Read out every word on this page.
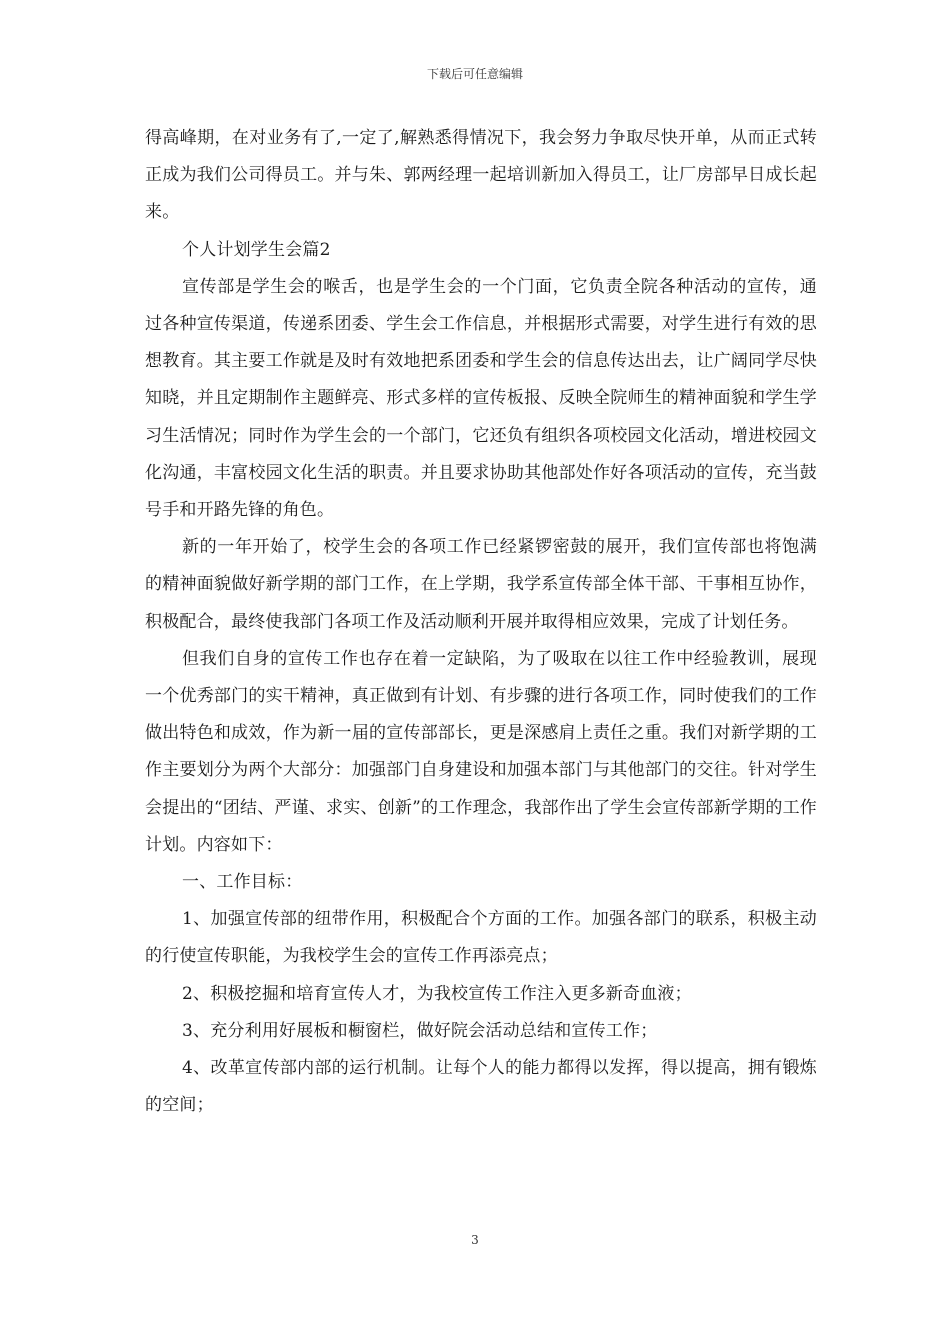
下载后可任意编辑

得高峰期，在对业务有了,一定了,解熟悉得情况下，我会努力争取尽快开单，从而正式转正成为我们公司得员工。并与朱、郭两经理一起培训新加入得员工，让厂房部早日成长起来。

个人计划学生会篇2

宣传部是学生会的喉舌，也是学生会的一个门面，它负责全院各种活动的宣传，通过各种宣传渠道，传递系团委、学生会工作信息，并根据形式需要，对学生进行有效的思想教育。其主要工作就是及时有效地把系团委和学生会的信息传达出去，让广阔同学尽快知晓，并且定期制作主题鲜亮、形式多样的宣传板报、反映全院师生的精神面貌和学生学习生活情况；同时作为学生会的一个部门，它还负有组织各项校园文化活动，增进校园文化沟通，丰富校园文化生活的职责。并且要求协助其他部处作好各项活动的宣传，充当鼓号手和开路先锋的角色。

新的一年开始了，校学生会的各项工作已经紧锣密鼓的展开，我们宣传部也将饱满的精神面貌做好新学期的部门工作，在上学期，我学系宣传部全体干部、干事相互协作，积极配合，最终使我部门各项工作及活动顺利开展并取得相应效果，完成了计划任务。

但我们自身的宣传工作也存在着一定缺陷，为了吸取在以往工作中经验教训，展现一个优秀部门的实干精神，真正做到有计划、有步骤的进行各项工作，同时使我们的工作做出特色和成效，作为新一届的宣传部部长，更是深感肩上责任之重。我们对新学期的工作主要划分为两个大部分：加强部门自身建设和加强本部门与其他部门的交往。针对学生会提出的“团结、严谨、求实、创新”的工作理念，我部作出了学生会宣传部新学期的工作计划。内容如下：

一、工作目标：

1、加强宣传部的纽带作用，积极配合个方面的工作。加强各部门的联系，积极主动的行使宣传职能，为我校学生会的宣传工作再添亮点；

2、积极挖掘和培育宣传人才，为我校宣传工作注入更多新奇血液；

3、充分利用好展板和橱窗栏，做好院会活动总结和宣传工作；

4、改革宣传部内部的运行机制。让每个人的能力都得以发挥，得以提高，拥有锻炼的空间；

3
